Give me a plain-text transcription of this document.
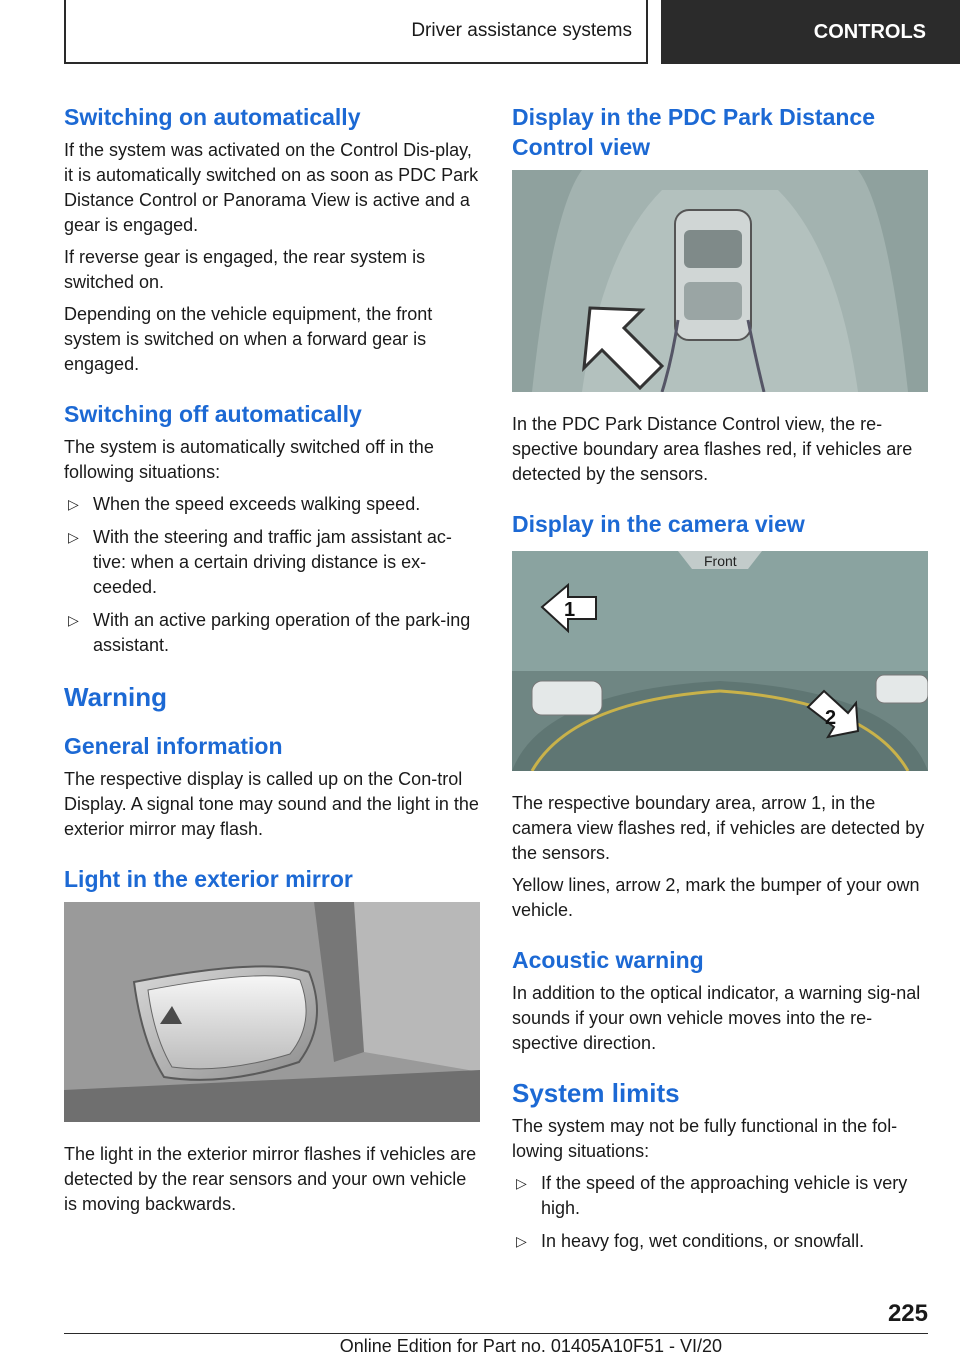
Driver assistance systems	CONTROLS
Switching on automatically

If the system was activated on the Control Dis-play, it is automatically switched on as soon as PDC Park Distance Control or Panorama View is active and a gear is engaged.

If reverse gear is engaged, the rear system is switched on.

Depending on the vehicle equipment, the front system is switched on when a forward gear is engaged.

Switching off automatically

The system is automatically switched off in the following situations:

▷ When the speed exceeds walking speed.
▷ With the steering and traffic jam assistant ac-tive: when a certain driving distance is ex-ceeded.
▷ With an active parking operation of the park-ing assistant.
Warning
General information

The respective display is called up on the Con-trol Display. A signal tone may sound and the light in the exterior mirror may flash.

Light in the exterior mirror

The light in the exterior mirror flashes if vehicles are detected by the rear sensors and your own vehicle is moving backwards.

Display in the PDC Park Distance Control view

In the PDC Park Distance Control view, the re-spective boundary area flashes red, if vehicles are detected by the sensors.

Display in the camera view
Front
1
2

The respective boundary area, arrow 1, in the camera view flashes red, if vehicles are detected by the sensors.

Yellow lines, arrow 2, mark the bumper of your own vehicle.

Acoustic warning

In addition to the optical indicator, a warning sig-nal sounds if your own vehicle moves into the re-spective direction.

System limits

The system may not be fully functional in the fol-lowing situations:

▷ If the speed of the approaching vehicle is very high.
▷ In heavy fog, wet conditions, or snowfall.
225
Online Edition for Part no. 01405A10F51 - VI/20
